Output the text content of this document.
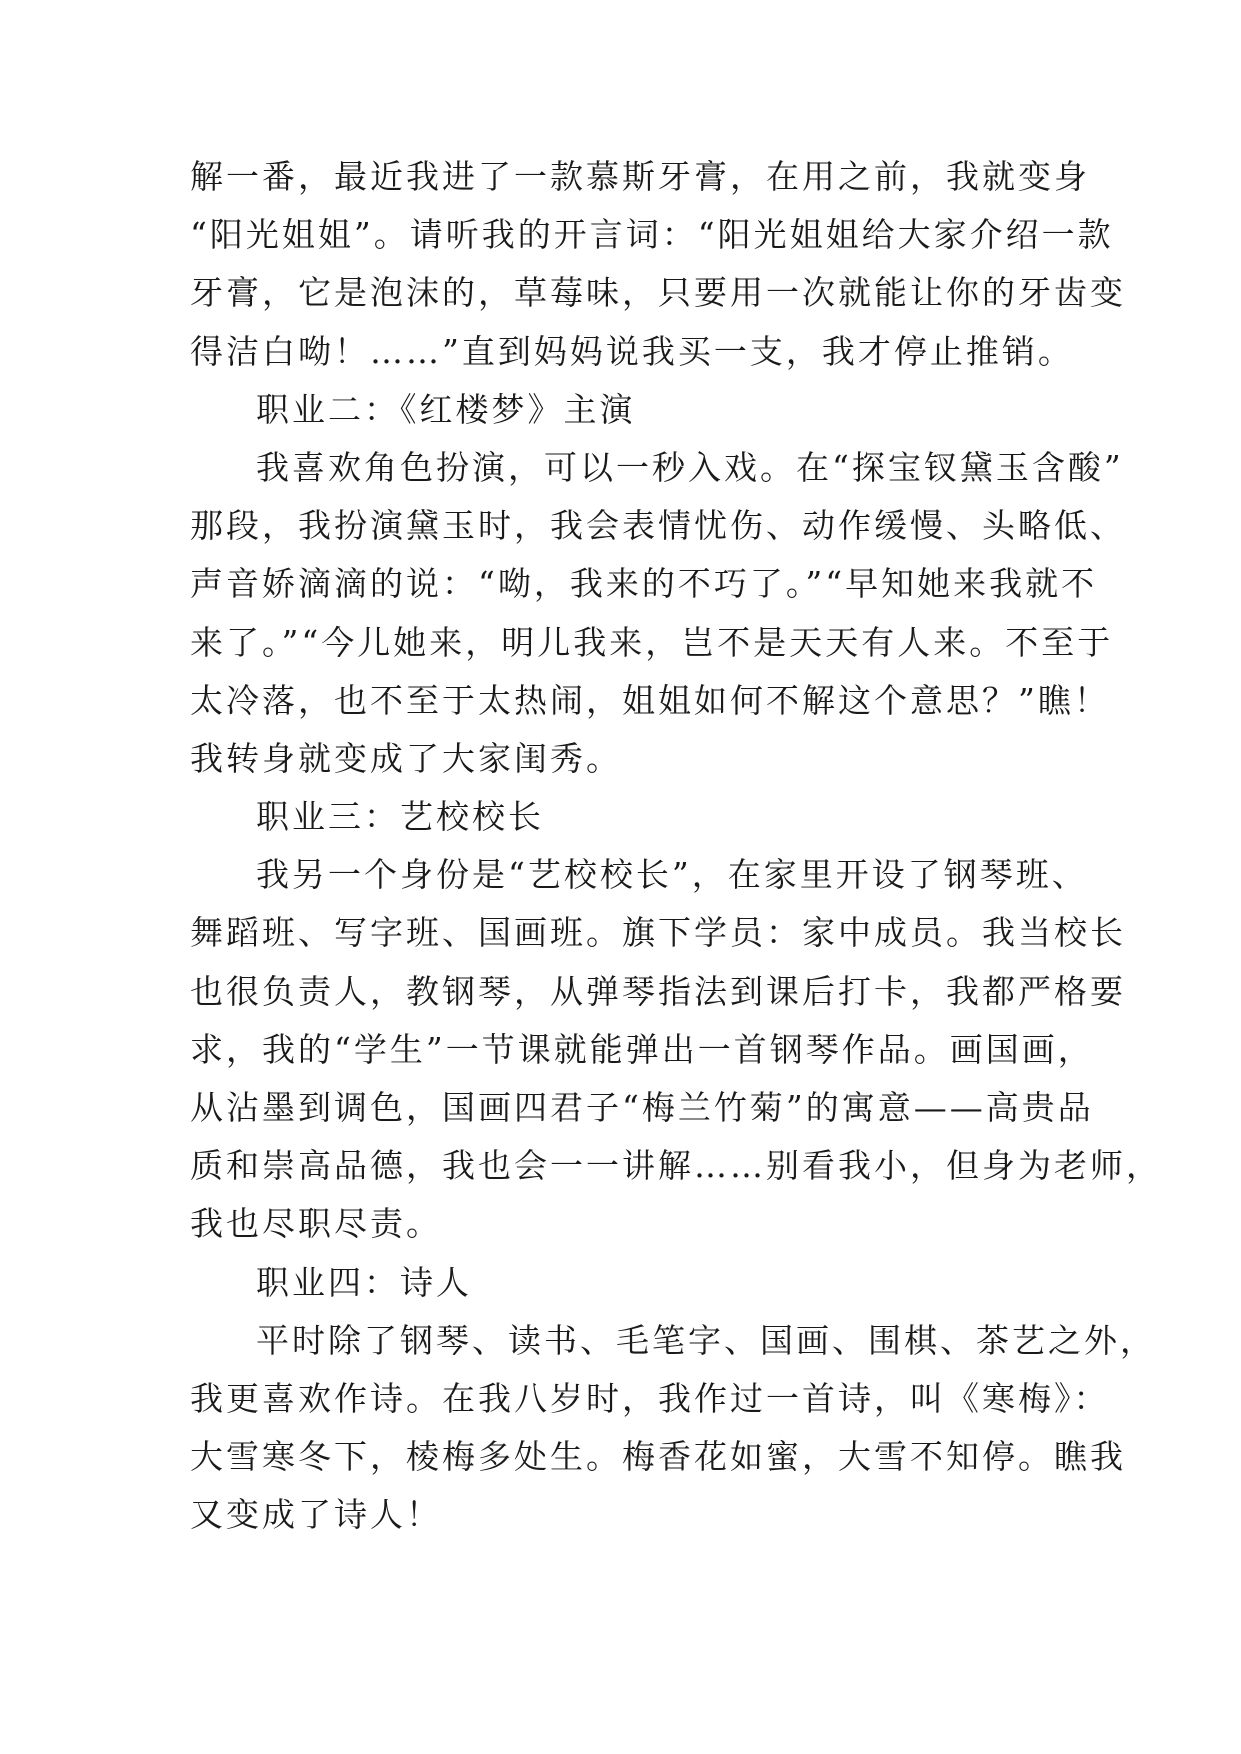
解一番，最近我进了一款慕斯牙膏，在用之前，我就变身
“阳光姐姐”。请听我的开言词：“阳光姐姐给大家介绍一款
牙膏，它是泡沫的，草莓味，只要用一次就能让你的牙齿变
得洁白呦！……”直到妈妈说我买一支，我才停止推销。
职业二：《红楼梦》主演
我喜欢角色扮演，可以一秒入戏。在“探宝钗黛玉含酸”
那段，我扮演黛玉时，我会表情忧伤、动作缓慢、头略低、
声音娇滴滴的说：“呦，我来的不巧了。”“早知她来我就不
来了。”“今儿她来，明儿我来，岂不是天天有人来。不至于
太冷落，也不至于太热闹，姐姐如何不解这个意思？”瞧！
我转身就变成了大家闺秀。
职业三：艺校校长
我另一个身份是“艺校校长”，在家里开设了钢琴班、
舞蹈班、写字班、国画班。旗下学员：家中成员。我当校长
也很负责人，教钢琴，从弹琴指法到课后打卡，我都严格要
求，我的“学生”一节课就能弹出一首钢琴作品。画国画，
从沾墨到调色，国画四君子“梅兰竹菊”的寓意——高贵品
质和崇高品德，我也会一一讲解……别看我小，但身为老师，
我也尽职尽责。
职业四：诗人
平时除了钢琴、读书、毛笔字、国画、围棋、茶艺之外，
我更喜欢作诗。在我八岁时，我作过一首诗，叫《寒梅》：
大雪寒冬下，棱梅多处生。梅香花如蜜，大雪不知停。瞧我
又变成了诗人！
